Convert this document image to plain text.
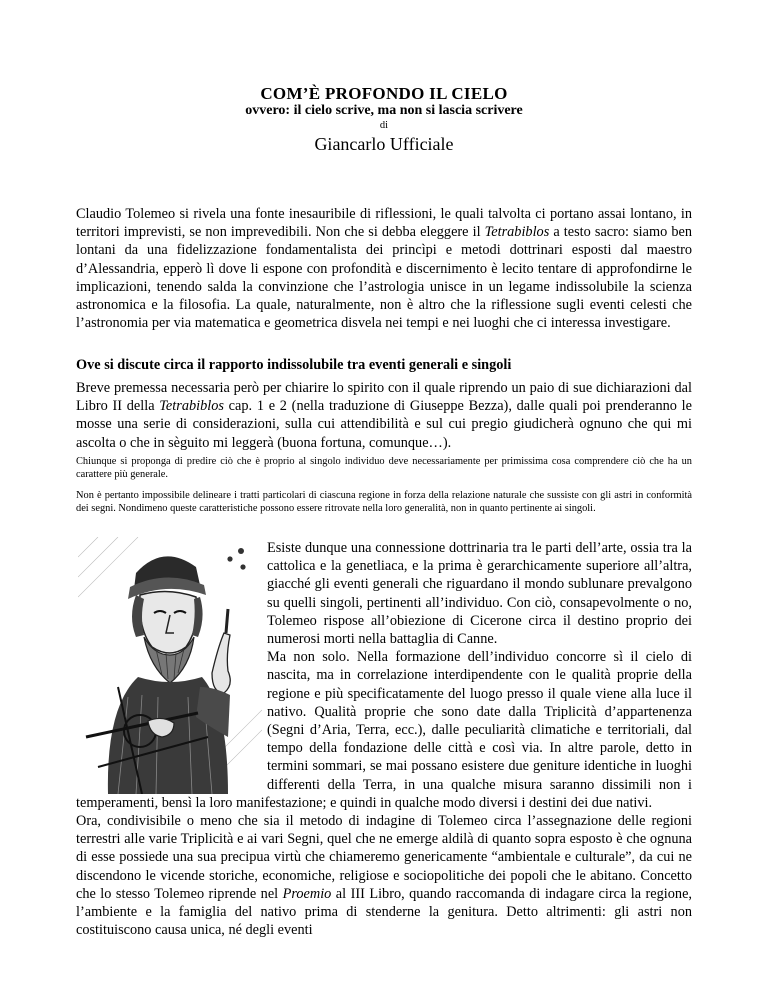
COM’È PROFONDO IL CIELO
ovvero: il cielo scrive, ma non si lascia scrivere
di
Giancarlo Ufficiale

Claudio Tolemeo si rivela una fonte inesauribile di riflessioni, le quali talvolta ci portano assai lontano, in territori imprevisti, se non imprevedibili. Non che si debba eleggere il Tetrabiblos a testo sacro: siamo ben lontani da una fidelizzazione fondamentalista dei princìpi e metodi dottrinari esposti dal maestro d’Alessandria, epperò lì dove li espone con profondità e discernimento è lecito tentare di approfondirne le implicazioni, tenendo salda la convinzione che l’astrologia unisce in un legame indissolubile la scienza astronomica e la filosofia. La quale, naturalmente, non è altro che la riflessione sugli eventi celesti che l’astronomia per via matematica e geometrica disvela nei tempi e nei luoghi che ci interessa investigare.

Ove si discute circa il rapporto indissolubile tra eventi generali e singoli

Breve premessa necessaria però per chiarire lo spirito con il quale riprendo un paio di sue dichiarazioni dal Libro II della Tetrabiblos cap. 1 e 2 (nella traduzione di Giuseppe Bezza), dalle quali poi prenderanno le mosse una serie di considerazioni, sulla cui attendibilità e sul cui pregio giudicherà ognuno che qui mi ascolta o che in sèguito mi leggerà (buona fortuna, comunque…).

Chiunque si proponga di predire ciò che è proprio al singolo individuo deve necessariamente per primissima cosa comprendere ciò che ha un carattere più generale.

Non è pertanto impossibile delineare i tratti particolari di ciascuna regione in forza della relazione naturale che sussiste con gli astri in conformità dei segni. Nondimeno queste caratteristiche possono essere ritrovate nella loro generalità, non in quanto pertinente ai singoli.

Esiste dunque una connessione dottrinaria tra le parti dell’arte, ossia tra la cattolica e la genetliaca, e la prima è gerarchicamente superiore all’altra, giacché gli eventi generali che riguardano il mondo sublunare prevalgono su quelli singoli, pertinenti all’individuo. Con ciò, consapevolmente o no, Tolemeo rispose all’obiezione di Cicerone circa il destino proprio dei numerosi morti nella battaglia di Canne.

Ma non solo. Nella formazione dell’individuo concorre sì il cielo di nascita, ma in correlazione interdipendente con le qualità proprie della regione e più specificatamente del luogo presso il quale viene alla luce il nativo. Qualità proprie che sono date dalla Triplicità d’appartenenza (Segni d’Aria, Terra, ecc.), dalle peculiarità climatiche e territoriali, dal tempo della fondazione delle città e così via. In altre parole, detto in termini sommari, se mai possano esistere due geniture identiche in luoghi differenti della Terra, in una qualche misura saranno dissimili non i temperamenti, bensì la loro manifestazione; e quindi in qualche modo diversi i destini dei due nativi.

Ora, condivisibile o meno che sia il metodo di indagine di Tolemeo circa l’assegnazione delle regioni terrestri alle varie Triplicità e ai vari Segni, quel che ne emerge aldilà di quanto sopra esposto è che ognuna di esse possiede una sua precipua virtù che chiameremo genericamente “ambientale e culturale”, da cui ne discendono le vicende storiche, economiche, religiose e sociopolitiche dei popoli che le abitano. Concetto che lo stesso Tolemeo riprende nel Proemio al III Libro, quando raccomanda di indagare circa la regione, l’ambiente e la famiglia del nativo prima di stenderne la genitura. Detto altrimenti: gli astri non costituiscono causa unica, né degli eventi
